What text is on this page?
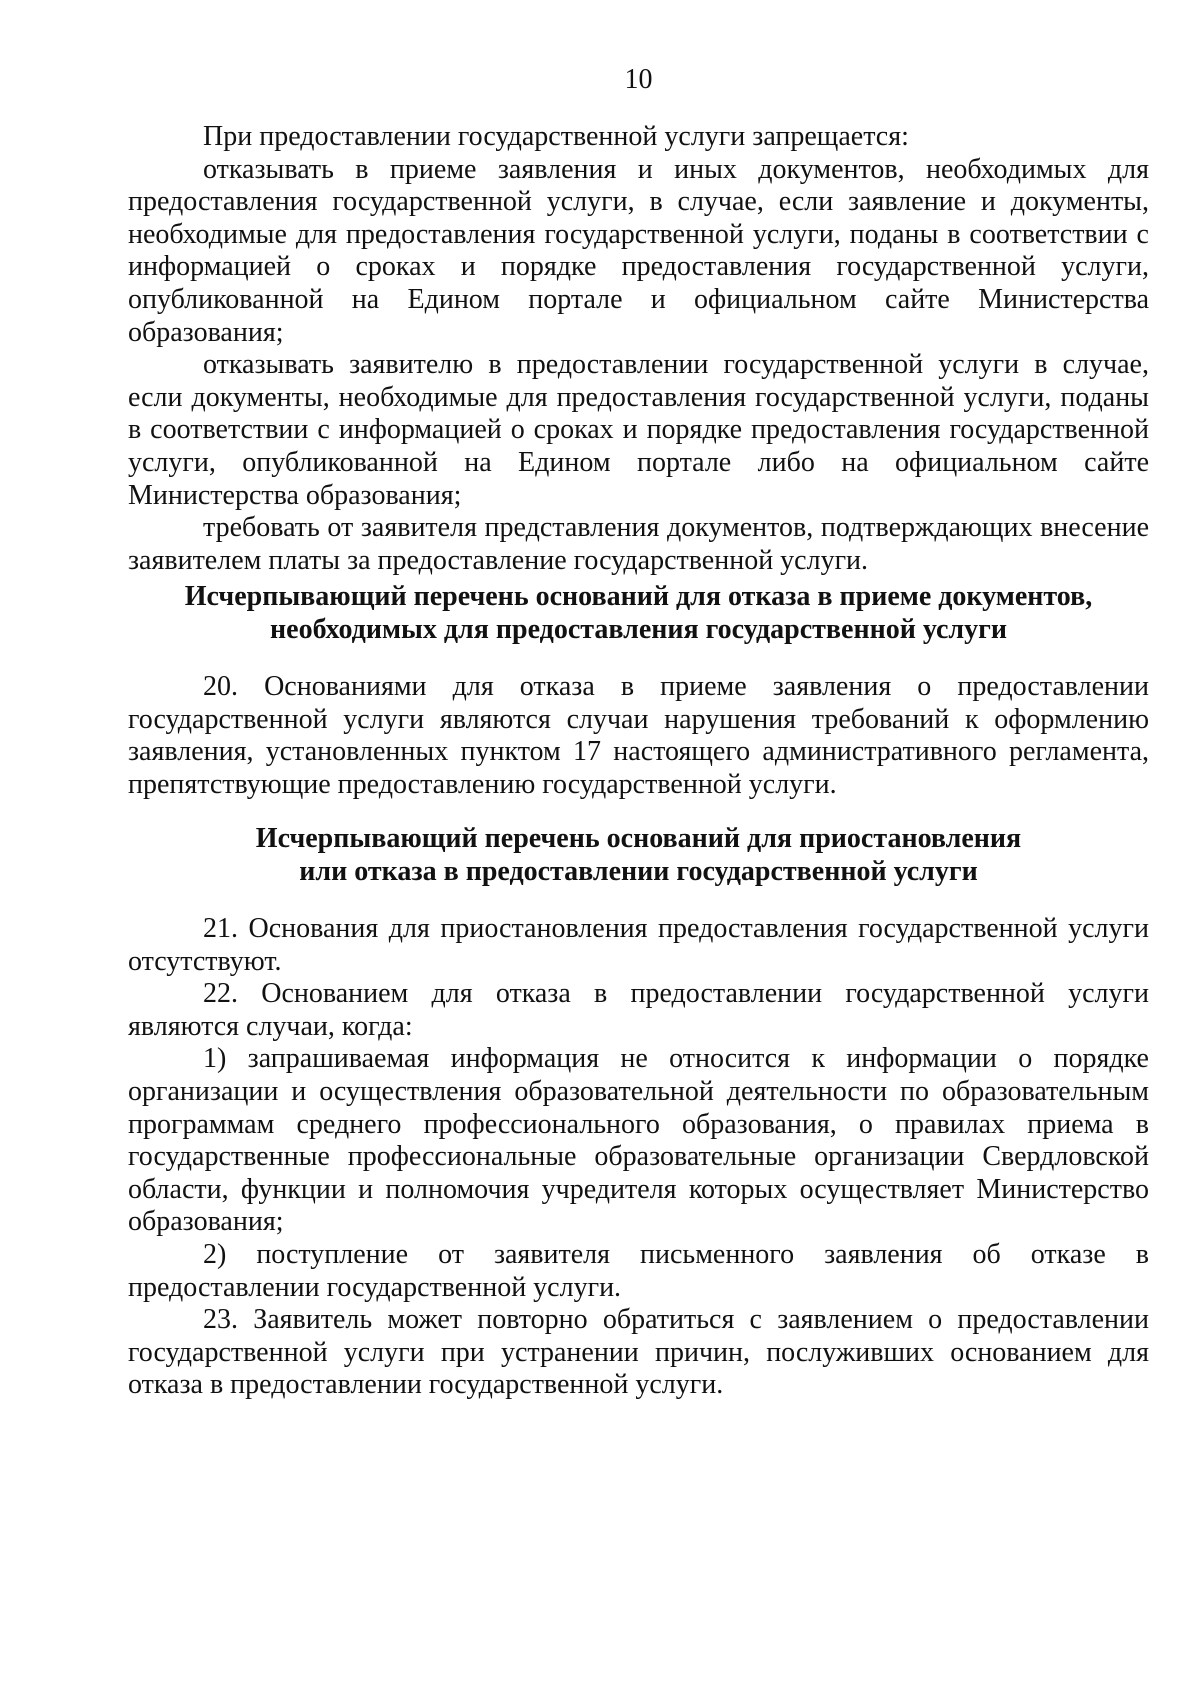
10

При предоставлении государственной услуги запрещается:

отказывать в приеме заявления и иных документов, необходимых для предоставления государственной услуги, в случае, если заявление и документы, необходимые для предоставления государственной услуги, поданы в соответствии с информацией о сроках и порядке предоставления государственной услуги, опубликованной на Едином портале и официальном сайте Министерства образования;

отказывать заявителю в предоставлении государственной услуги в случае, если документы, необходимые для предоставления государственной услуги, поданы в соответствии с информацией о сроках и порядке предоставления государственной услуги, опубликованной на Едином портале либо на официальном сайте Министерства образования;

требовать от заявителя представления документов, подтверждающих внесение заявителем платы за предоставление государственной услуги.

Исчерпывающий перечень оснований для отказа в приеме документов,

необходимых для предоставления государственной услуги

20. Основаниями для отказа в приеме заявления о предоставлении государственной услуги являются случаи нарушения требований к оформлению заявления, установленных пунктом 17 настоящего административного регламента, препятствующие предоставлению государственной услуги.

Исчерпывающий перечень оснований для приостановления

или отказа в предоставлении государственной услуги

21. Основания для приостановления предоставления государственной услуги отсутствуют.

22. Основанием для отказа в предоставлении государственной услуги являются случаи, когда:

1) запрашиваемая информация не относится к информации о порядке организации и осуществления образовательной деятельности по образовательным программам среднего профессионального образования, о правилах приема в государственные профессиональные образовательные организации Свердловской области, функции и полномочия учредителя которых осуществляет Министерство образования;

2) поступление от заявителя письменного заявления об отказе в предоставлении государственной услуги.

23. Заявитель может повторно обратиться с заявлением о предоставлении государственной услуги при устранении причин, послуживших основанием для отказа в предоставлении государственной услуги.
